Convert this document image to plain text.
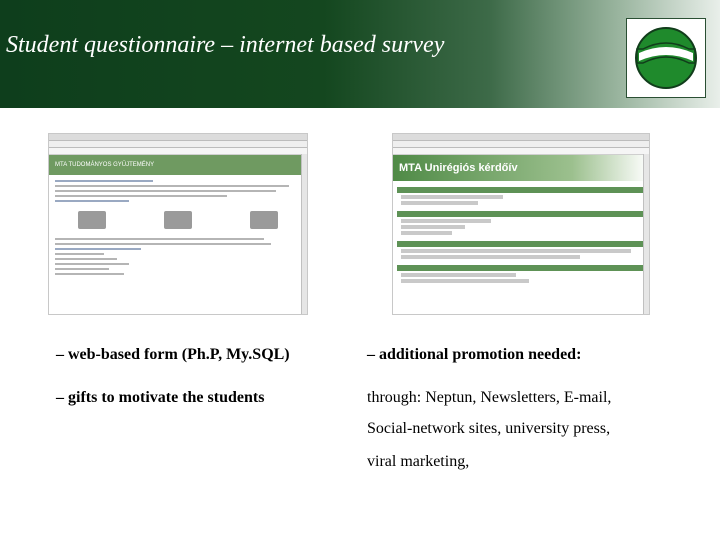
Student questionnaire – internet based survey
MTA TUDOMÁNYOS GYŰJTEMÉNY	MTA Unirégiós kérdőív
– web-based form (Ph.P, My.SQL)
– gifts to motivate the students
– additional promotion needed:
through: Neptun, Newsletters, E-mail,
Social-network sites, university press,
viral marketing,
